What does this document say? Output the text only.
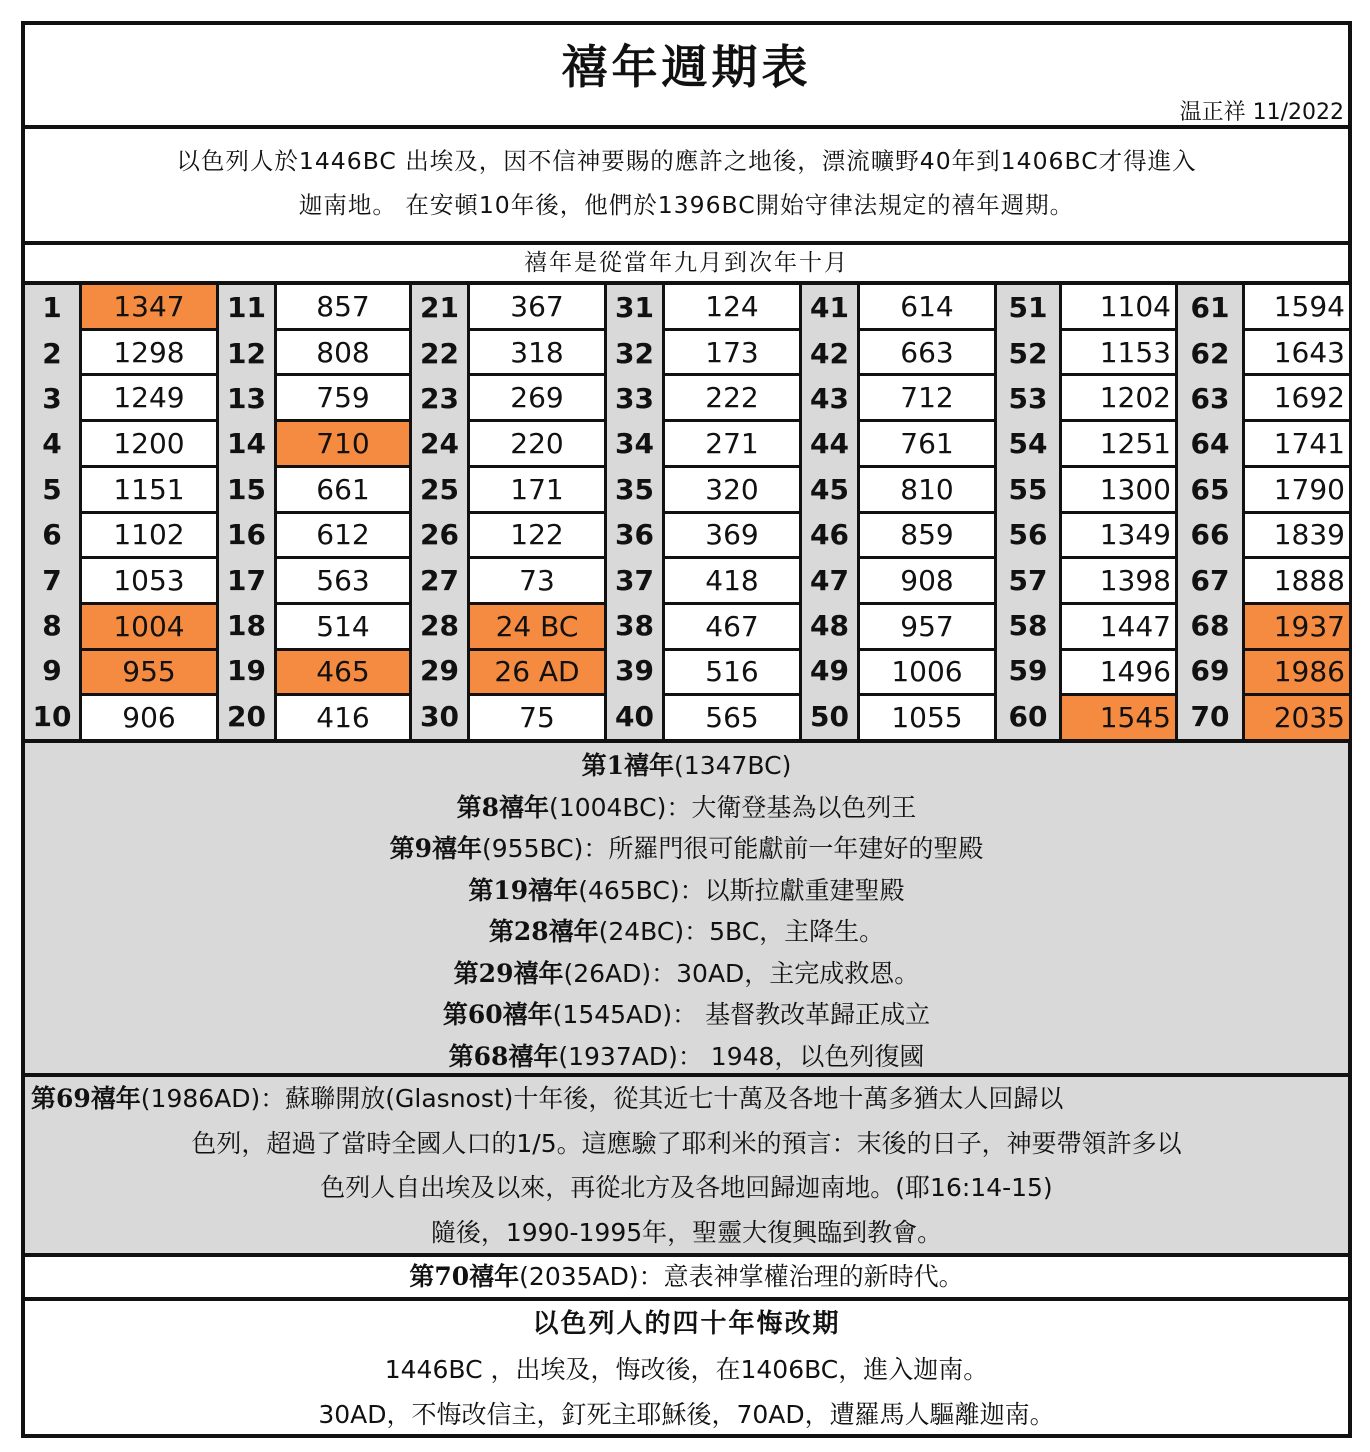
禧年週期表
温正祥 11/2022
以色列人於1446BC 出埃及，因不信神要賜的應許之地後，漂流曠野40年到1406BC才得進入
迦南地。 在安頓10年後，他們於1396BC開始守律法規定的禧年週期。
禧年是從當年九月到次年十月
1
2
3
4
5
6
7
8
9
10
1347
1298
1249
1200
1151
1102
1053
1004
955
906
11
12
13
14
15
16
17
18
19
20
857
808
759
710
661
612
563
514
465
416
21
22
23
24
25
26
27
28
29
30
367
318
269
220
171
122
73
24 BC
26 AD
75
31
32
33
34
35
36
37
38
39
40
124
173
222
271
320
369
418
467
516
565
41
42
43
44
45
46
47
48
49
50
614
663
712
761
810
859
908
957
1006
1055
51
52
53
54
55
56
57
58
59
60
1104
1153
1202
1251
1300
1349
1398
1447
1496
1545
61
62
63
64
65
66
67
68
69
70
1594
1643
1692
1741
1790
1839
1888
1937
1986
2035
第1禧年(1347BC)
第8禧年(1004BC)：大衛登基為以色列王
第9禧年(955BC)：所羅門很可能獻前一年建好的聖殿
第19禧年(465BC)：以斯拉獻重建聖殿
第28禧年(24BC)：5BC，主降生。
第29禧年(26AD)：30AD，主完成救恩。
第60禧年(1545AD)： 基督教改革歸正成立
第68禧年(1937AD)： 1948，以色列復國
第69禧年(1986AD)：蘇聯開放(Glasnost)十年後，從其近七十萬及各地十萬多猶太人回歸以
色列，超過了當時全國人口的1/5。這應驗了耶利米的預言：末後的日子，神要帶領許多以
色列人自出埃及以來，再從北方及各地回歸迦南地。(耶16:14-15)
隨後，1990-1995年，聖靈大復興臨到教會。
第70禧年(2035AD)：意表神掌權治理的新時代。
以色列人的四十年悔改期
1446BC ，出埃及，悔改後，在1406BC，進入迦南。
30AD，不悔改信主，釘死主耶穌後，70AD，遭羅馬人驅離迦南。
